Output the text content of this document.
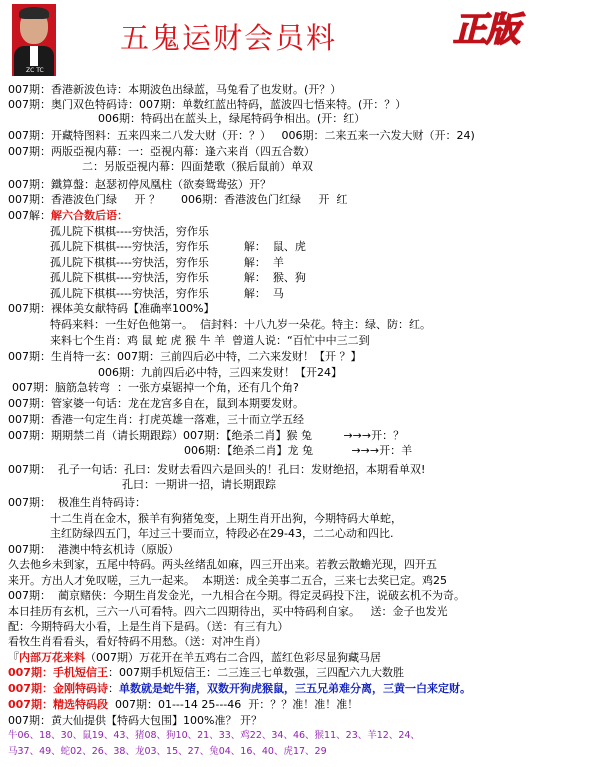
ZC TC
五鬼运财会员料	正版
007期：香港新波色诗：本期波色出绿蓝，马兔看了也发财。(开？）
007期：奥门双色特码诗：007期：单数红蓝出特码，蓝波四七悟来特。(开：？）
006期：特码出在蓝头上，绿尾特码争相出。(开：红）
007期：开藏特图料：五来四来二八发大财（开：？）   006期：二来五来一六发大财（开：24)
007期：两版亞視内幕：一：亞視内幕：逢六来肖（四五合数）
二：另版亞視内幕：四面楚歌（猴后鼠前）单双
007期：鐵算盤：赵瑟初停凤凰柱（欲奏鸳鸯弦）开？
007期：香港波色门绿     开 ？      006期：香港波色门红绿     开  红
007解：解六合数后语：
孤儿院下棋棋----穷快活，穷作乐
孤儿院下棋棋----穷快活，穷作乐          解：  鼠、虎
孤儿院下棋棋----穷快活，穷作乐          解：  羊
孤儿院下棋棋----穷快活，穷作乐          解：  猴、狗
孤儿院下棋棋----穷快活，穷作乐          解：  马
007期：裸体美女献特码【准确率100%】
特码来料：一生好色他第一。  信封料：十八九岁一朵花。特主：绿、防：红。
来料七个生肖：鸡 鼠 蛇 虎 猴 牛 羊  曾道人说：“百忙中中三二到
007期：生肖特一玄：007期：三前四后必中特，二六来发财！【开 ？】
006期：九前四后必中特，三四来发财！【开24】
007期：脑筋急转弯  ：一张方桌锯掉一个角，还有几个角?
007期：管家婆一句话：龙在龙宫多自在，鼠到本期要发财。
007期：香港一句定生肖：打虎英雄一落难，三十而立学五经
007期：期期禁二肖（请长期跟踪）007期：【绝杀二肖】猴 兔         →→→开：？
006期：【绝杀二肖】龙 兔           →→→开：羊
007期：  孔子一句话：孔曰：发财去看四六是回头的！孔曰：发财绝招，本期看单双!
孔曰：一期讲一招，请长期跟踪
007期：  极准生肖特码诗：
十二生肖在金木，猴羊有狗猪兔变，上期生肖开出狗，今期特码大单蛇，
主红防绿四五门，年过三十要而立，特段必在29-43，二二心动和四比.
007期：  港澳中特玄机诗（原版）
久去他乡未到家，五尾中特码。两头丝绪乱如麻，四三开出来。若教云散蟾光现，四开五
来开。方出人才免叹嗟，三九一起来。  本期送：成全美事二五合，三来七去奖已定。鸡25
007期：  蔺京赌侠：今期生肖发金光，一九相合在今期。得定灵码投下注，说破玄机不为奇。
本日挂历有玄机，三六一八可看特。四六二四期待出，买中特码利自家。   送：金子也发光
配：今期特码大小看，上是生肖下是码。（送：有三有九）
看牧生肖看看头，看好特码不用愁。（送：对冲生肖）
『内部万花来料（007期）万花开在羊五鸡右二合四，蓝红色彩尽显狗藏马居
007期：手机短信王：007期手机短信王：二三连三七单数强，三四配六九大数胜
007期：金刚特码诗：单数就是蛇牛猪，双数开狗虎猴鼠，三五兄弟难分离，三黄一白来定财。
007期：精选特码段  007期：01---14 25---46  开：？？准！准！准！
007期：黄大仙提供【特码大包围】100%准？ 开？
牛06、18、30、鼠19、43、猪08、狗10、21、33、鸡22、34、46、猴11、23、羊12、24、
马37、49、蛇02、26、38、龙03、15、27、兔04、16、40、虎17、29
